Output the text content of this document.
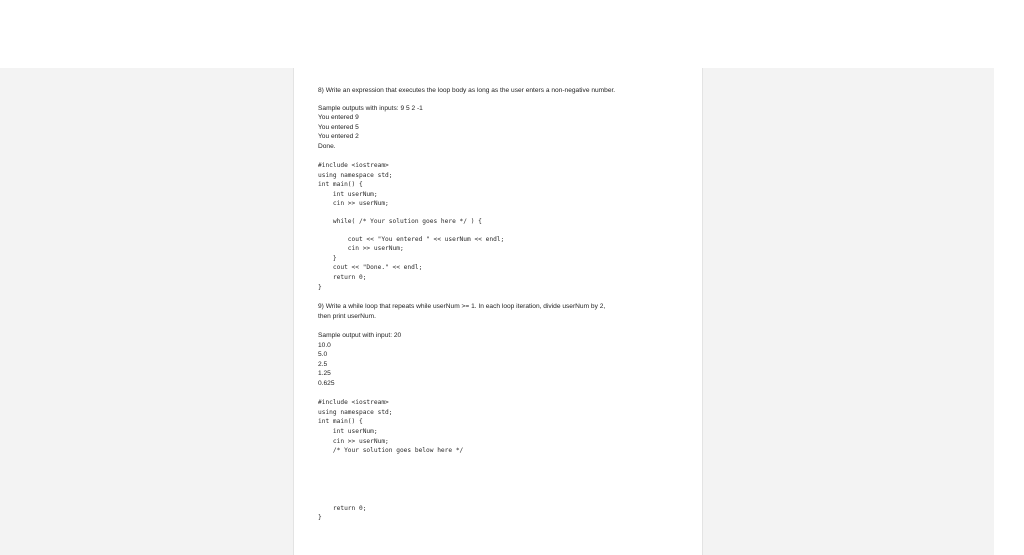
8) Write an expression that executes the loop body as long as the user enters a non-negative number.

Sample outputs with inputs: 9 5 2 -1

You entered 9

You entered 5

You entered 2

Done.

#include <iostream>

using namespace std;

int main() {

int userNum;

cin >> userNum;

while( /* Your solution goes here */ ) {

cout << "You entered " << userNum << endl;

cin >> userNum;

}

cout << "Done." << endl;

return 0;

}

9) Write a while loop that repeats while userNum >= 1. In each loop iteration, divide userNum by 2,

then print userNum.

Sample output with input: 20

10.0

5.0

2.5

1.25

0.625

#include <iostream>

using namespace std;

int main() {

int userNum;

cin >> userNum;

/* Your solution goes below here */

return 0;

}
